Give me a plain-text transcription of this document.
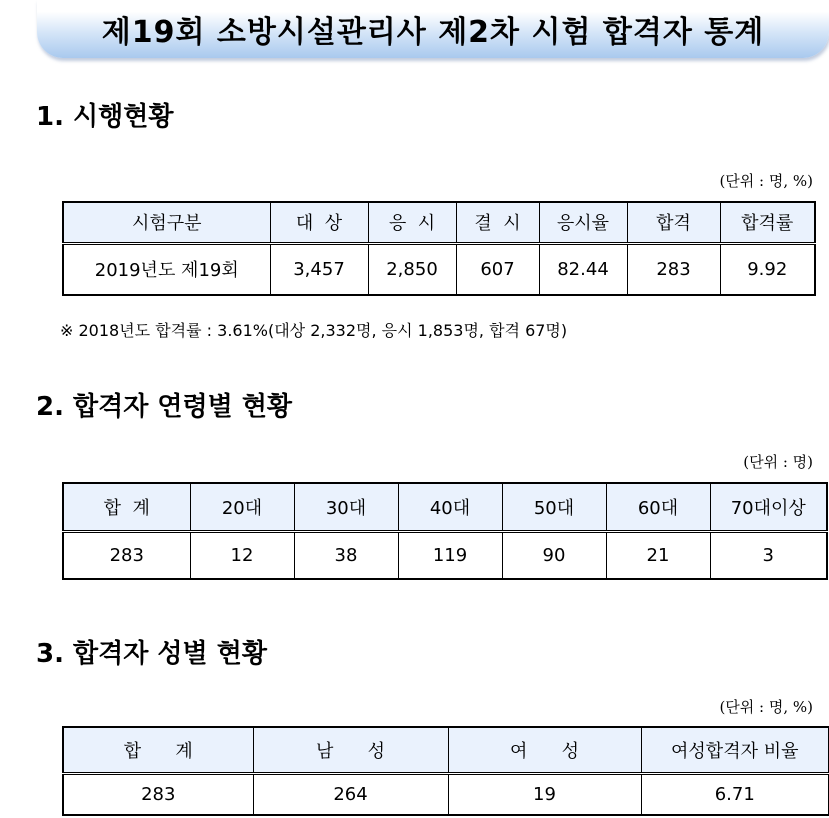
제19회 소방시설관리사 제2차 시험 합격자 통계
1. 시행현황
(단위 : 명, %)
시험구분	대  상	응  시	결  시	응시율	합격	합격률
2019년도 제19회	3,457	2,850	607	82.44	283	9.92
※ 2018년도 합격률 : 3.61%(대상 2,332명, 응시 1,853명, 합격 67명)
2. 합격자 연령별 현황
(단위 : 명)
합  계	20대	30대	40대	50대	60대	70대이상
283	12	38	119	90	21	3
3. 합격자 성별 현황
(단위 : 명, %)
합      계	남      성	여      성	여성합격자 비율
283	264	19	6.71
